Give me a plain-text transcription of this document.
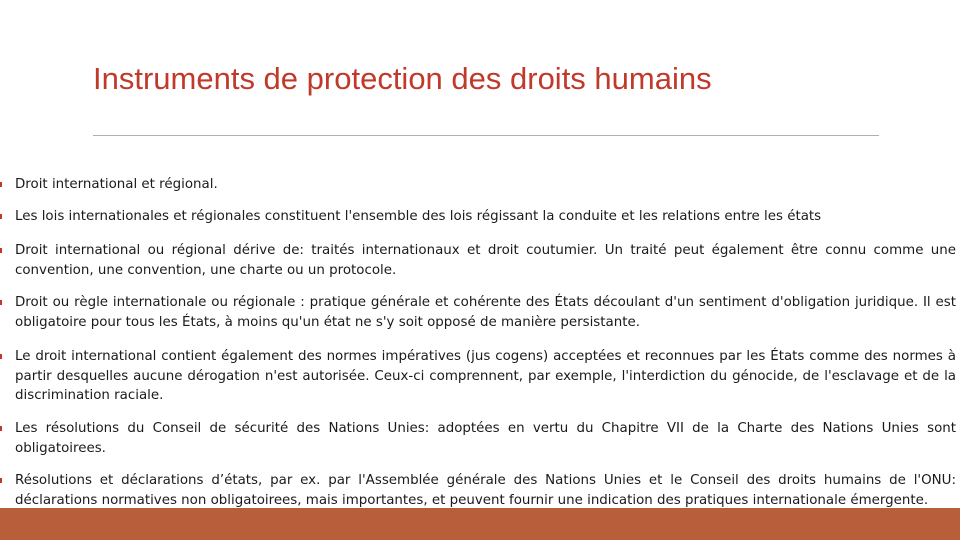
Instruments de protection des droits humains
Droit international et régional.
Les lois internationales et régionales constituent l'ensemble des lois régissant la conduite et les relations entre les états
Droit international ou régional dérive de: traités internationaux et droit coutumier. Un traité peut également être connu comme une convention, une convention, une charte ou un protocole.
Droit ou règle internationale ou régionale : pratique générale et cohérente des États découlant d'un sentiment d'obligation juridique. Il est obligatoire pour tous les États, à moins qu'un état ne s'y soit opposé de manière persistante.
Le droit international contient également des normes impératives (jus cogens) acceptées et reconnues par les États comme des normes à partir desquelles aucune dérogation n'est autorisée. Ceux-ci comprennent, par exemple, l'interdiction du génocide, de l'esclavage et de la discrimination raciale.
Les résolutions du Conseil de sécurité des Nations Unies: adoptées en vertu du Chapitre VII de la Charte des Nations Unies sont obligatoirees.
Résolutions et déclarations d’états, par ex. par l'Assemblée générale des Nations Unies et le Conseil des droits humains de l'ONU: déclarations normatives non obligatoirees, mais importantes, et peuvent fournir une indication des pratiques internationale émergente.
